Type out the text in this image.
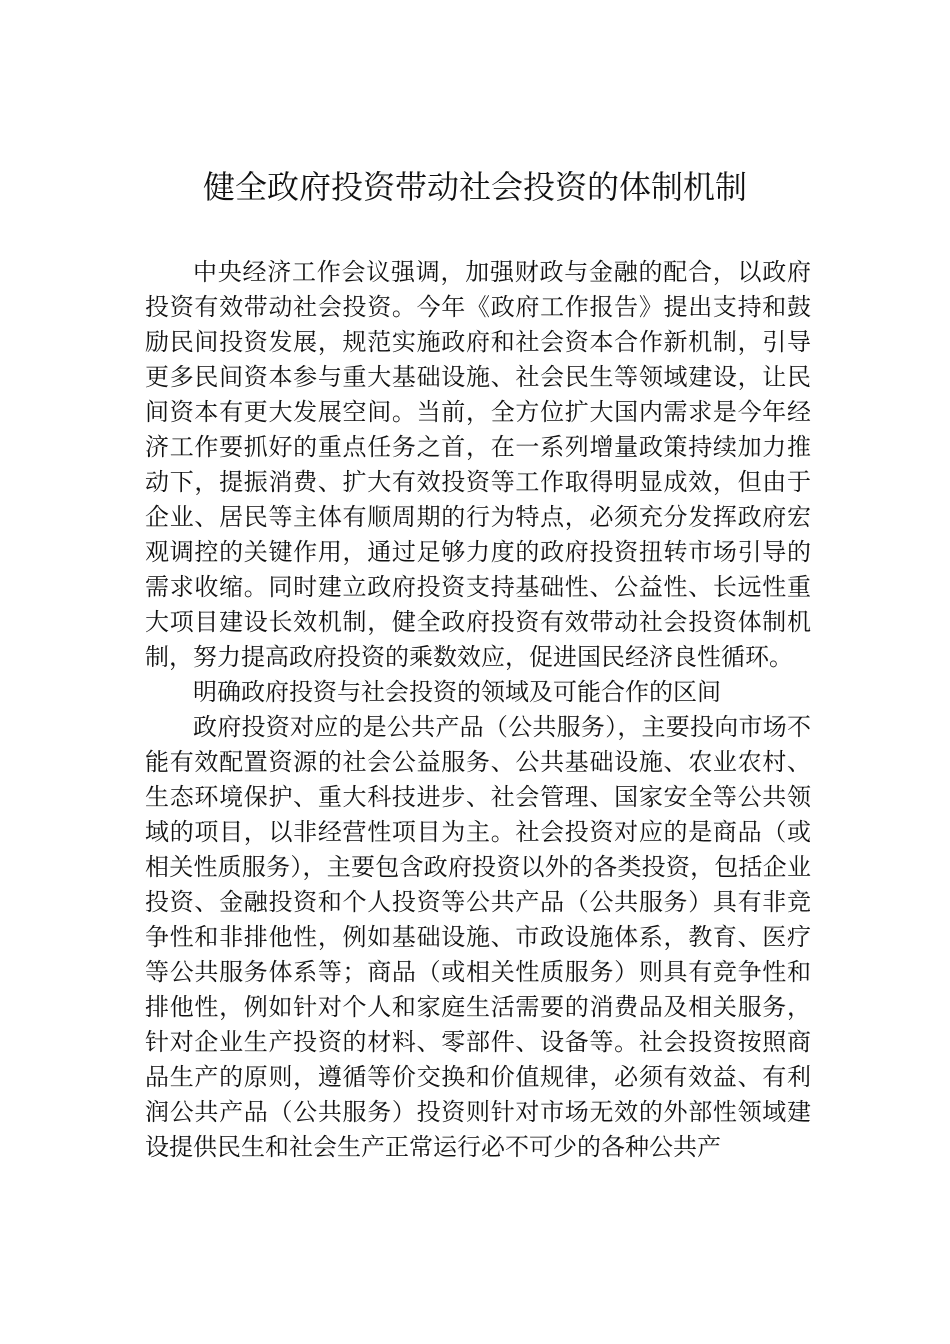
健全政府投资带动社会投资的体制机制

中央经济工作会议强调，加强财政与金融的配合，以政府投资有效带动社会投资。今年《政府工作报告》提出支持和鼓励民间投资发展，规范实施政府和社会资本合作新机制，引导更多民间资本参与重大基础设施、社会民生等领域建设，让民间资本有更大发展空间。当前，全方位扩大国内需求是今年经济工作要抓好的重点任务之首，在一系列增量政策持续加力推动下，提振消费、扩大有效投资等工作取得明显成效，但由于企业、居民等主体有顺周期的行为特点，必须充分发挥政府宏观调控的关键作用，通过足够力度的政府投资扭转市场引导的需求收缩。同时建立政府投资支持基础性、公益性、长远性重大项目建设长效机制，健全政府投资有效带动社会投资体制机制，努力提高政府投资的乘数效应，促进国民经济良性循环。

明确政府投资与社会投资的领域及可能合作的区间

政府投资对应的是公共产品（公共服务），主要投向市场不能有效配置资源的社会公益服务、公共基础设施、农业农村、生态环境保护、重大科技进步、社会管理、国家安全等公共领域的项目，以非经营性项目为主。社会投资对应的是商品（或相关性质服务），主要包含政府投资以外的各类投资，包括企业投资、金融投资和个人投资等公共产品（公共服务）具有非竞争性和非排他性，例如基础设施、市政设施体系，教育、医疗等公共服务体系等；商品（或相关性质服务）则具有竞争性和排他性，例如针对个人和家庭生活需要的消费品及相关服务，针对企业生产投资的材料、零部件、设备等。社会投资按照商品生产的原则，遵循等价交换和价值规律，必须有效益、有利润公共产品（公共服务）投资则针对市场无效的外部性领域建设提供民生和社会生产正常运行必不可少的各种公共产
